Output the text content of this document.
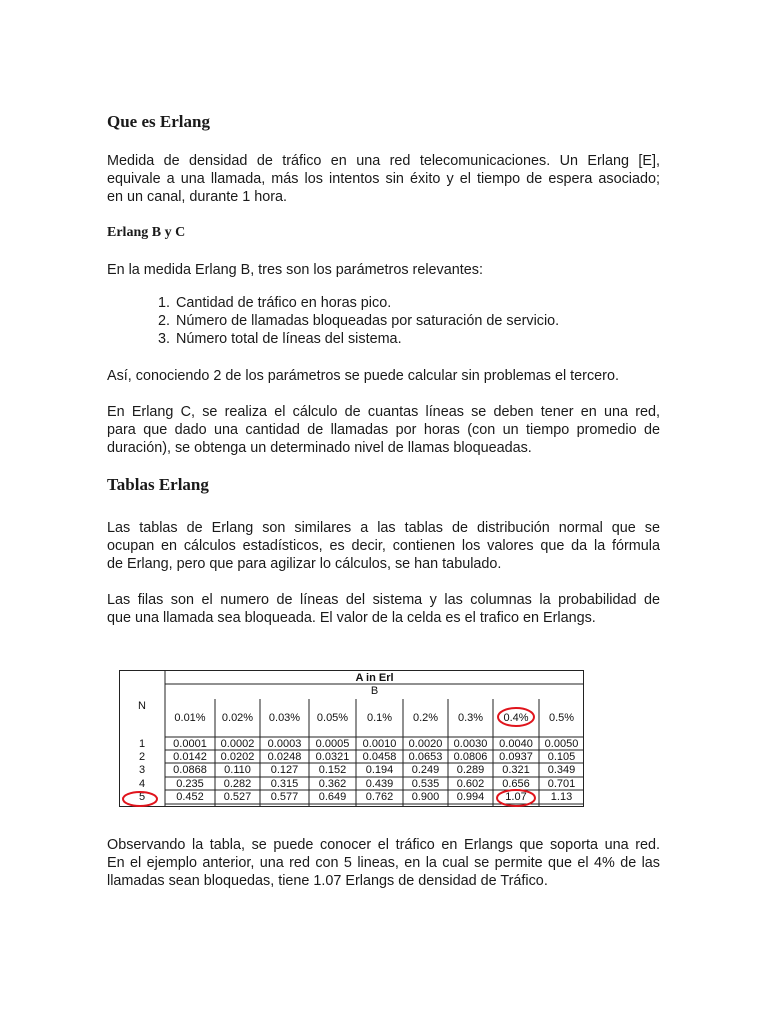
Que es Erlang

Medida de densidad de tráfico en una red telecomunicaciones. Un Erlang [E],
equivale a una llamada, más los intentos sin éxito y el tiempo de espera asociado;
en un canal, durante 1 hora.

Erlang B y C

En la medida Erlang B, tres son los parámetros relevantes:

1. Cantidad de tráfico en horas pico.
2. Número de llamadas bloqueadas por saturación de servicio.
3. Número total de líneas del sistema.

Así, conociendo 2 de los parámetros se puede calcular sin problemas el tercero.

En Erlang C, se realiza el cálculo de cuantas líneas se deben tener en una red,
para que dado una cantidad de llamadas por horas (con un tiempo promedio de
duración), se obtenga un determinado nivel de llamas bloqueadas.

Tablas Erlang

Las tablas de Erlang son similares a las tablas de distribución normal que se
ocupan en cálculos estadísticos, es decir, contienen los valores que da la fórmula
de Erlang, pero que para agilizar lo cálculos, se han tabulado.

Las filas son el numero de líneas del sistema y las columnas la probabilidad de
que una llamada sea bloqueada. El valor de la celda es el trafico en Erlangs.

A in Erl
B
N
0.01% 0.02% 0.03% 0.05% 0.1% 0.2% 0.3% 0.4% 0.5%
1	0.0001 0.0002 0.0003 0.0005 0.0010 0.0020 0.0030 0.0040 0.0050
2	0.0142 0.0202 0.0248 0.0321 0.0458 0.0653 0.0806 0.0937 0.105
3	0.0868 0.110 0.127 0.152 0.194 0.249 0.289 0.321 0.349
4	0.235 0.282 0.315 0.362 0.439 0.535 0.602 0.656 0.701
5	0.452 0.527 0.577 0.649 0.762 0.900 0.994 1.07 1.13

Observando la tabla, se puede conocer el tráfico en Erlangs que soporta una red.
En el ejemplo anterior, una red con 5 lineas, en la cual se permite que el 4% de las
llamadas sean bloquedas, tiene 1.07 Erlangs de densidad de Tráfico.
